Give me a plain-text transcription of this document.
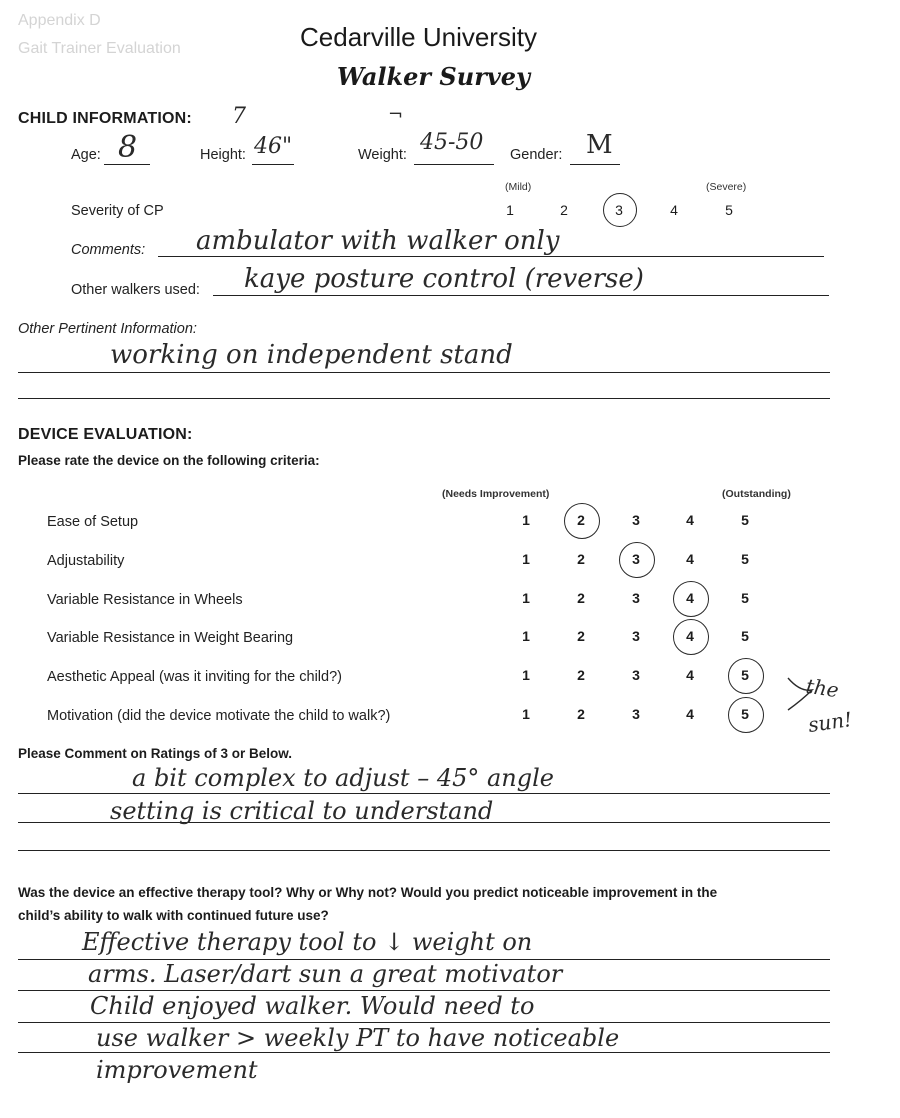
Appendix D
Gait Trainer Evaluation	Cedarville University
Walker Survey
CHILD INFORMATION:
Age: 8	Height: 46"
7
Weight: 45-50
¬
Gender: M
Severity of CP
(Mild)	(Severe)
1	2	3	4	5
Comments: ambulator with walker only
Other walkers used: kaye posture control (reverse)
Other Pertinent Information:
working on independent stand
DEVICE EVALUATION:
Please rate the device on the following criteria:
(Needs Improvement)	(Outstanding)
Ease of Setup	1	2	3	4	5
Adjustability	1	2	3	4	5
Variable Resistance in Wheels	1	2	3	4	5
Variable Resistance in Weight Bearing	1	2	3	4	5
Aesthetic Appeal (was it inviting for the child?)	1	2	3	4	5
Motivation (did the device motivate the child to walk?)	1	2	3	4	5
the
sun!
Please Comment on Ratings of 3 or Below.
a bit complex to adjust – 45° angle
setting is critical to understand
Was the device an effective therapy tool? Why or Why not? Would you predict noticeable improvement in the
child’s ability to walk with continued future use?
Effective therapy tool to ↓ weight on
arms. Laser/dart sun a great motivator
Child enjoyed walker. Would need to
use walker > weekly PT to have noticeable
improvement
